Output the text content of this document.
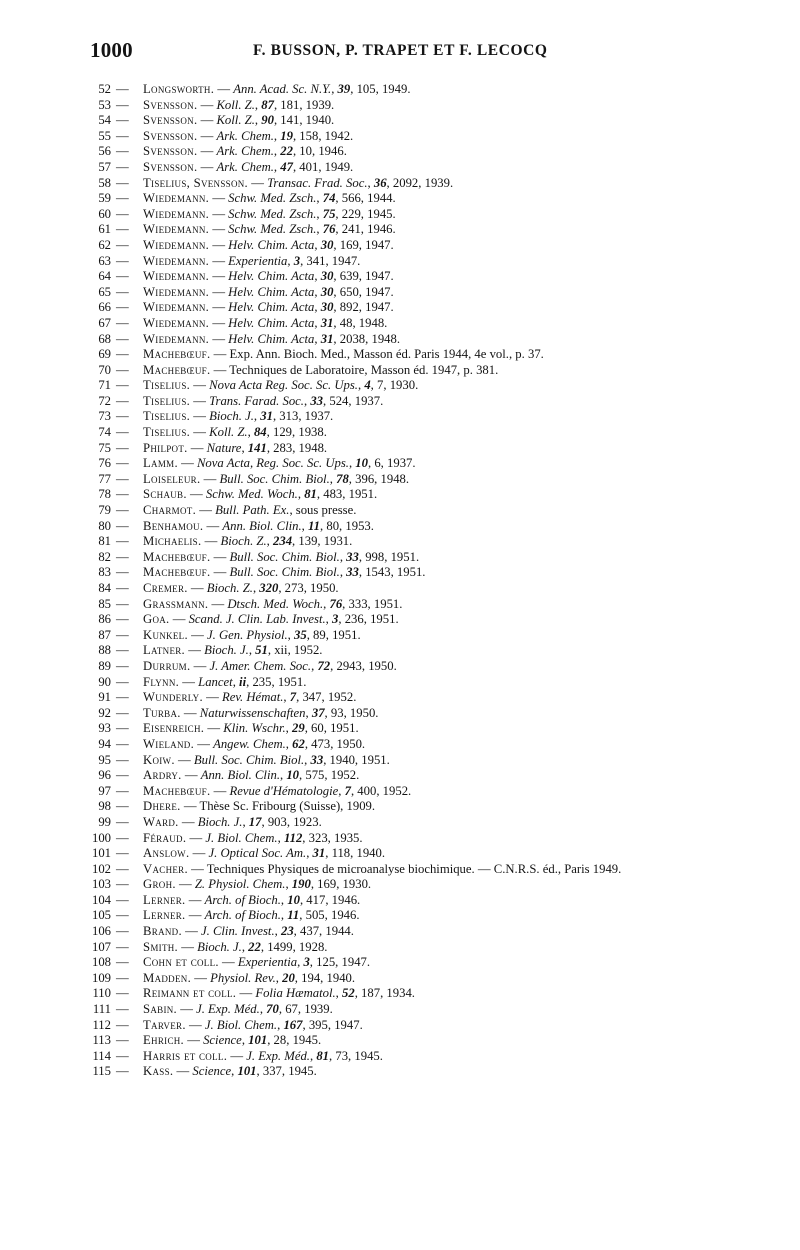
1000	F. BUSSON, P. TRAPET ET F. LECOCQ
52 — Longsworth. — Ann. Acad. Sc. N.Y., 39, 105, 1949.
53 — Svensson. — Koll. Z., 87, 181, 1939.
54 — Svensson. — Koll. Z., 90, 141, 1940.
55 — Svensson. — Ark. Chem., 19, 158, 1942.
56 — Svensson. — Ark. Chem., 22, 10, 1946.
57 — Svensson. — Ark. Chem., 47, 401, 1949.
58 — Tiselius, Svensson. — Transac. Frad. Soc., 36, 2092, 1939.
59 — Wiedemann. — Schw. Med. Zsch., 74, 566, 1944.
60 — Wiedemann. — Schw. Med. Zsch., 75, 229, 1945.
61 — Wiedemann. — Schw. Med. Zsch., 76, 241, 1946.
62 — Wiedemann. — Helv. Chim. Acta, 30, 169, 1947.
63 — Wiedemann. — Experientia, 3, 341, 1947.
64 — Wiedemann. — Helv. Chim. Acta, 30, 639, 1947.
65 — Wiedemann. — Helv. Chim. Acta, 30, 650, 1947.
66 — Wiedemann. — Helv. Chim. Acta, 30, 892, 1947.
67 — Wiedemann. — Helv. Chim. Acta, 31, 48, 1948.
68 — Wiedemann. — Helv. Chim. Acta, 31, 2038, 1948.
69 — Machebœuf. — Exp. Ann. Bioch. Med., Masson éd. Paris 1944, 4e vol., p. 37.
70 — Machebœuf. — Techniques de Laboratoire, Masson éd. 1947, p. 381.
71 — Tiselius. — Nova Acta Reg. Soc. Sc. Ups., 4, 7, 1930.
72 — Tiselius. — Trans. Farad. Soc., 33, 524, 1937.
73 — Tiselius. — Bioch. J., 31, 313, 1937.
74 — Tiselius. — Koll. Z., 84, 129, 1938.
75 — Philpot. — Nature, 141, 283, 1948.
76 — Lamm. — Nova Acta, Reg. Soc. Sc. Ups., 10, 6, 1937.
77 — Loiseleur. — Bull. Soc. Chim. Biol., 78, 396, 1948.
78 — Schaub. — Schw. Med. Woch., 81, 483, 1951.
79 — Charmot. — Bull. Path. Ex., sous presse.
80 — Benhamou. — Ann. Biol. Clin., 11, 80, 1953.
81 — Michaelis. — Bioch. Z., 234, 139, 1931.
82 — Machebœuf. — Bull. Soc. Chim. Biol., 33, 998, 1951.
83 — Machebœuf. — Bull. Soc. Chim. Biol., 33, 1543, 1951.
84 — Cremer. — Bioch. Z., 320, 273, 1950.
85 — Grassmann. — Dtsch. Med. Woch., 76, 333, 1951.
86 — Goa. — Scand. J. Clin. Lab. Invest., 3, 236, 1951.
87 — Kunkel. — J. Gen. Physiol., 35, 89, 1951.
88 — Latner. — Bioch. J., 51, xii, 1952.
89 — Durrum. — J. Amer. Chem. Soc., 72, 2943, 1950.
90 — Flynn. — Lancet, ii, 235, 1951.
91 — Wunderly. — Rev. Hémat., 7, 347, 1952.
92 — Turba. — Naturwissenschaften, 37, 93, 1950.
93 — Eisenreich. — Klin. Wschr., 29, 60, 1951.
94 — Wieland. — Angew. Chem., 62, 473, 1950.
95 — Koiw. — Bull. Soc. Chim. Biol., 33, 1940, 1951.
96 — Ardry. — Ann. Biol. Clin., 10, 575, 1952.
97 — Machebœuf. — Revue d'Hématologie, 7, 400, 1952.
98 — Dhere. — Thèse Sc. Fribourg (Suisse), 1909.
99 — Ward. — Bioch. J., 17, 903, 1923.
100 — Féraud. — J. Biol. Chem., 112, 323, 1935.
101 — Anslow. — J. Optical Soc. Am., 31, 118, 1940.
102 — Vacher. — Techniques Physiques de microanalyse biochimique. — C.N.R.S. éd., Paris 1949.
103 — Groh. — Z. Physiol. Chem., 190, 169, 1930.
104 — Lerner. — Arch. of Bioch., 10, 417, 1946.
105 — Lerner. — Arch. of Bioch., 11, 505, 1946.
106 — Brand. — J. Clin. Invest., 23, 437, 1944.
107 — Smith. — Bioch. J., 22, 1499, 1928.
108 — Cohn et coll. — Experientia, 3, 125, 1947.
109 — Madden. — Physiol. Rev., 20, 194, 1940.
110 — Reimann et coll. — Folia Hæmatol., 52, 187, 1934.
111 — Sabin. — J. Exp. Méd., 70, 67, 1939.
112 — Tarver. — J. Biol. Chem., 167, 395, 1947.
113 — Ehrich. — Science, 101, 28, 1945.
114 — Harris et coll. — J. Exp. Méd., 81, 73, 1945.
115 — Kass. — Science, 101, 337, 1945.
